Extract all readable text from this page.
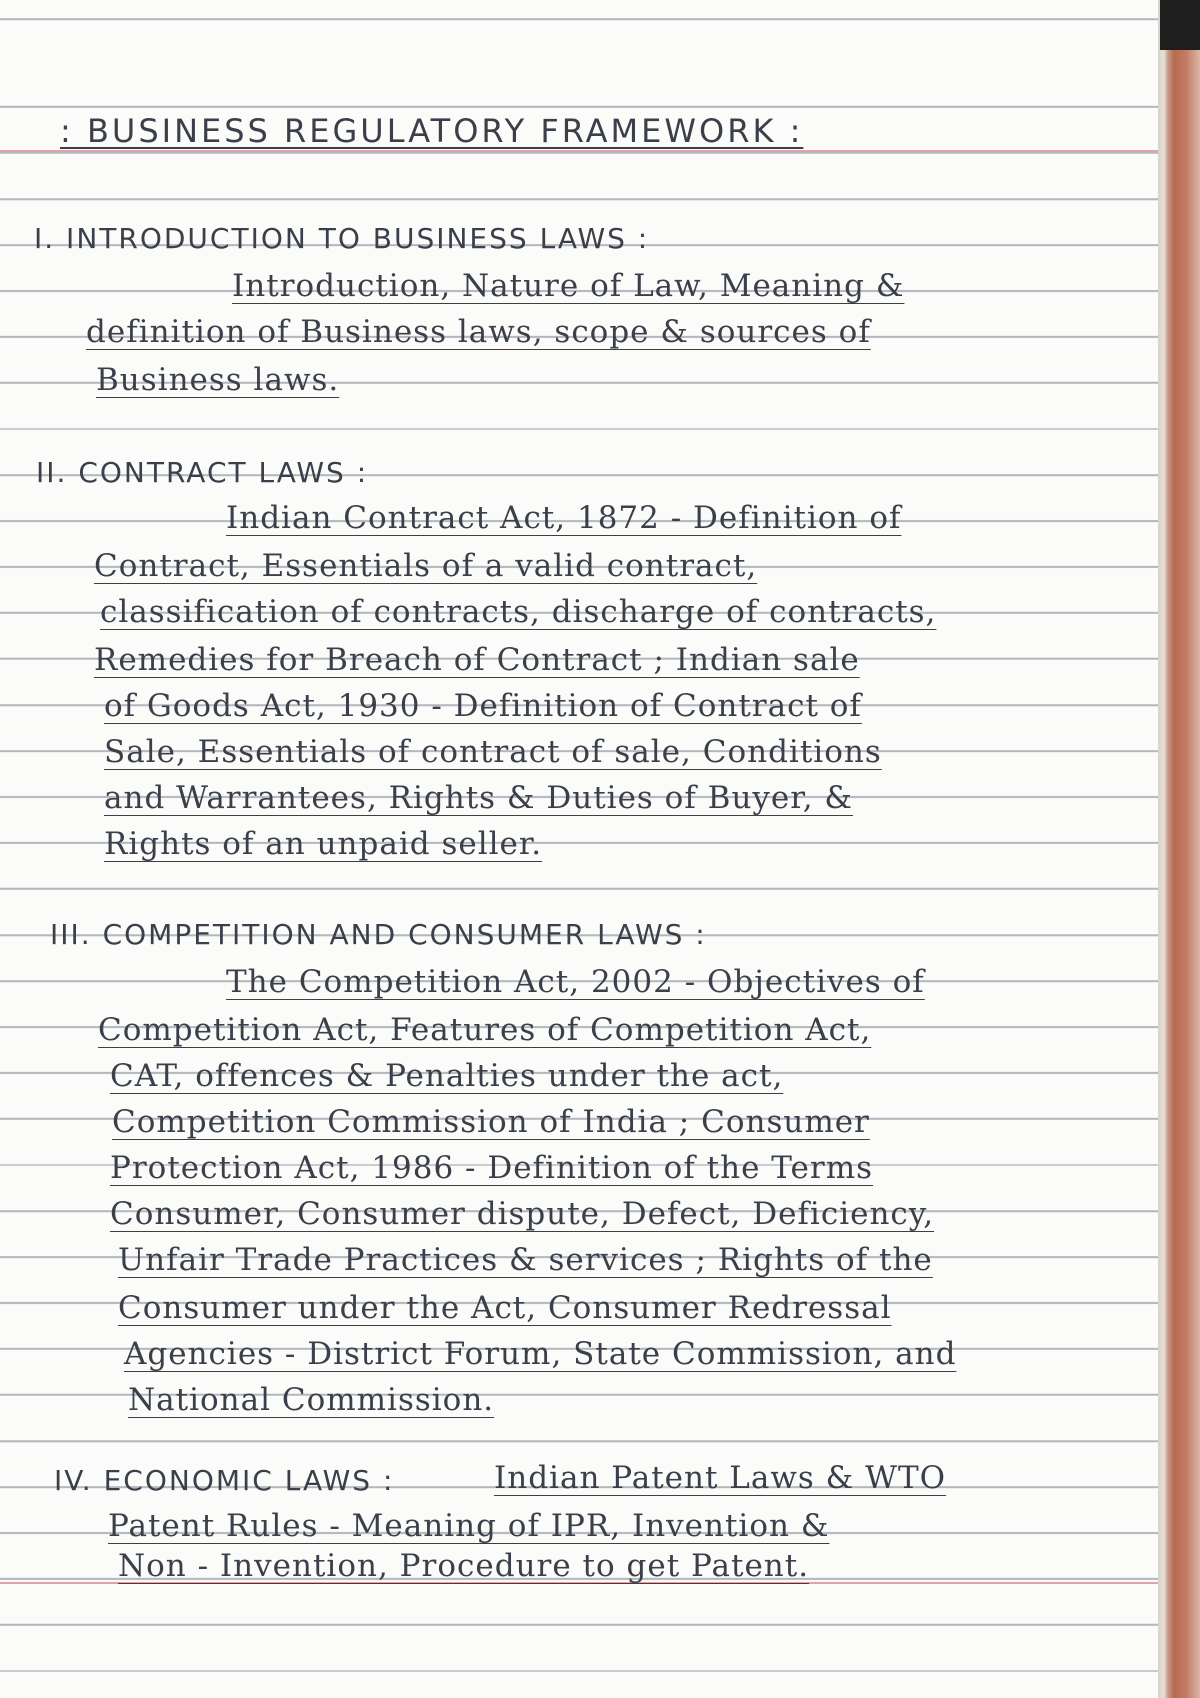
: BUSINESS REGULATORY FRAMEWORK :
I. INTRODUCTION TO BUSINESS LAWS :
Introduction, Nature of Law, Meaning &
definition of Business laws, scope & sources of
Business laws.
II. CONTRACT LAWS :
Indian Contract Act, 1872 - Definition of
Contract, Essentials of a valid contract,
classification of contracts, discharge of contracts,
Remedies for Breach of Contract ; Indian sale
of Goods Act, 1930 - Definition of Contract of
Sale, Essentials of contract of sale, Conditions
and Warrantees, Rights & Duties of Buyer, &
Rights of an unpaid seller.
III. COMPETITION AND CONSUMER LAWS :
The Competition Act, 2002 - Objectives of
Competition Act, Features of Competition Act,
CAT, offences & Penalties under the act,
Competition Commission of India ; Consumer
Protection Act, 1986 - Definition of the Terms
Consumer, Consumer dispute, Defect, Deficiency,
Unfair Trade Practices & services ; Rights of the
Consumer under the Act, Consumer Redressal
Agencies - District Forum, State Commission, and
National Commission.
IV. ECONOMIC LAWS :	Indian Patent Laws & WTO
Patent Rules - Meaning of IPR, Invention &
Non - Invention, Procedure to get Patent.
